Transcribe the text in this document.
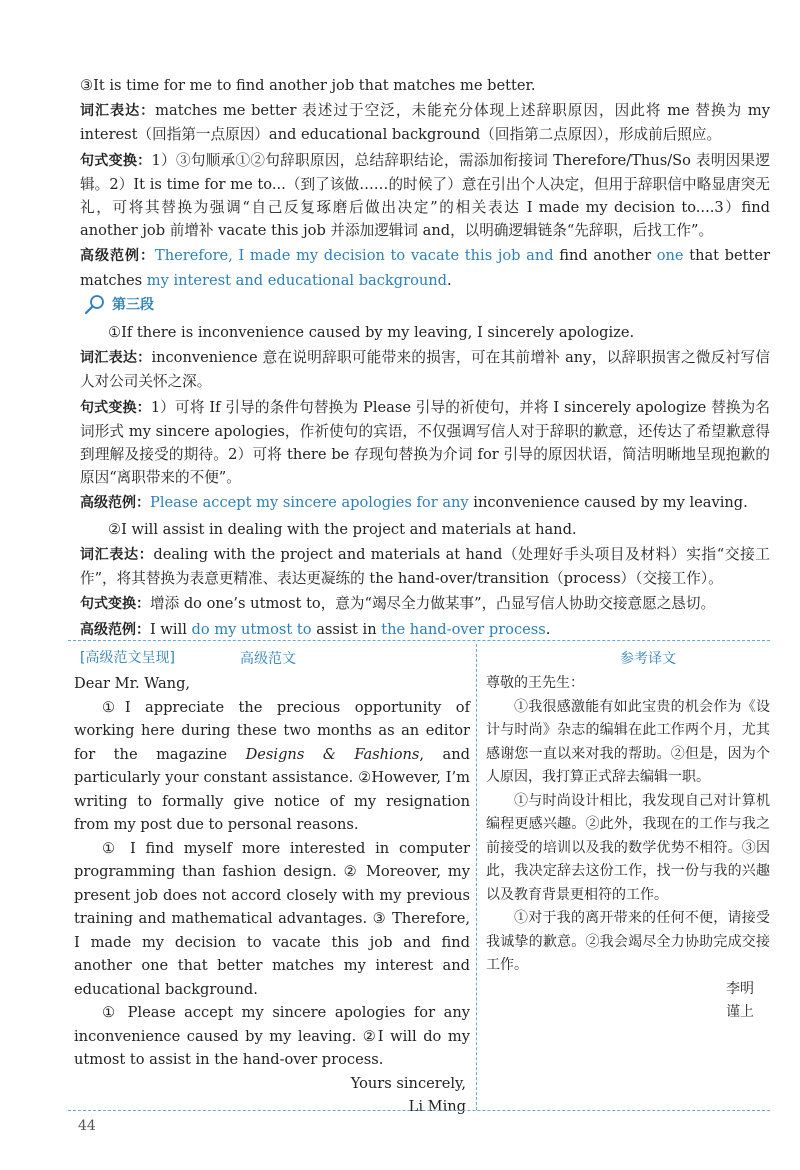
③It is time for me to find another job that matches me better.

词汇表达：matches me better 表述过于空泛，未能充分体现上述辞职原因，因此将 me 替换为 my interest（回指第一点原因）and educational background（回指第二点原因），形成前后照应。

句式变换：1）③句顺承①②句辞职原因，总结辞职结论，需添加衔接词 Therefore/Thus/So 表明因果逻辑。2）It is time for me to...（到了该做……的时候了）意在引出个人决定，但用于辞职信中略显唐突无礼，可将其替换为强调“自己反复琢磨后做出决定”的相关表达 I made my decision to....3）find another job 前增补 vacate this job 并添加逻辑词 and，以明确逻辑链条“先辞职，后找工作”。

高级范例：Therefore, I made my decision to vacate this job and find another one that better matches my interest and educational background.

第三段

①If there is inconvenience caused by my leaving, I sincerely apologize.

词汇表达：inconvenience 意在说明辞职可能带来的损害，可在其前增补 any，以辞职损害之微反衬写信人对公司关怀之深。

句式变换：1）可将 If 引导的条件句替换为 Please 引导的祈使句，并将 I sincerely apologize 替换为名词形式 my sincere apologies，作祈使句的宾语，不仅强调写信人对于辞职的歉意，还传达了希望歉意得到理解及接受的期待。2）可将 there be 存现句替换为介词 for 引导的原因状语，简洁明晰地呈现抱歉的原因“离职带来的不便”。

高级范例：Please accept my sincere apologies for any inconvenience caused by my leaving.

②I will assist in dealing with the project and materials at hand.

词汇表达：dealing with the project and materials at hand（处理好手头项目及材料）实指“交接工作”，将其替换为表意更精准、表达更凝练的 the hand-over/transition（process）（交接工作）。

句式变换：增添 do one’s utmost to，意为“竭尽全力做某事”，凸显写信人协助交接意愿之恳切。

高级范例：I will do my utmost to assist in the hand-over process.

[高级范文呈现]	高级范文	参考译文

Dear Mr. Wang,

①I appreciate the precious opportunity of working here during these two months as an editor for the magazine Designs & Fashions, and particularly your constant assistance. ②However, I’m writing to formally give notice of my resignation from my post due to personal reasons.

① I find myself more interested in computer programming than fashion design. ② Moreover, my present job does not accord closely with my previous training and mathematical advantages. ③ Therefore, I made my decision to vacate this job and find another one that better matches my interest and educational background.

① Please accept my sincere apologies for any inconvenience caused by my leaving. ②I will do my utmost to assist in the hand-over process.

Yours sincerely,

Li Ming

尊敬的王先生：

①我很感激能有如此宝贵的机会作为《设计与时尚》杂志的编辑在此工作两个月，尤其感谢您一直以来对我的帮助。②但是，因为个人原因，我打算正式辞去编辑一职。

①与时尚设计相比，我发现自己对计算机编程更感兴趣。②此外，我现在的工作与我之前接受的培训以及我的数学优势不相符。③因此，我决定辞去这份工作，找一份与我的兴趣以及教育背景更相符的工作。

①对于我的离开带来的任何不便，请接受我诚挚的歉意。②我会竭尽全力协助完成交接工作。

李明

谨上

44
